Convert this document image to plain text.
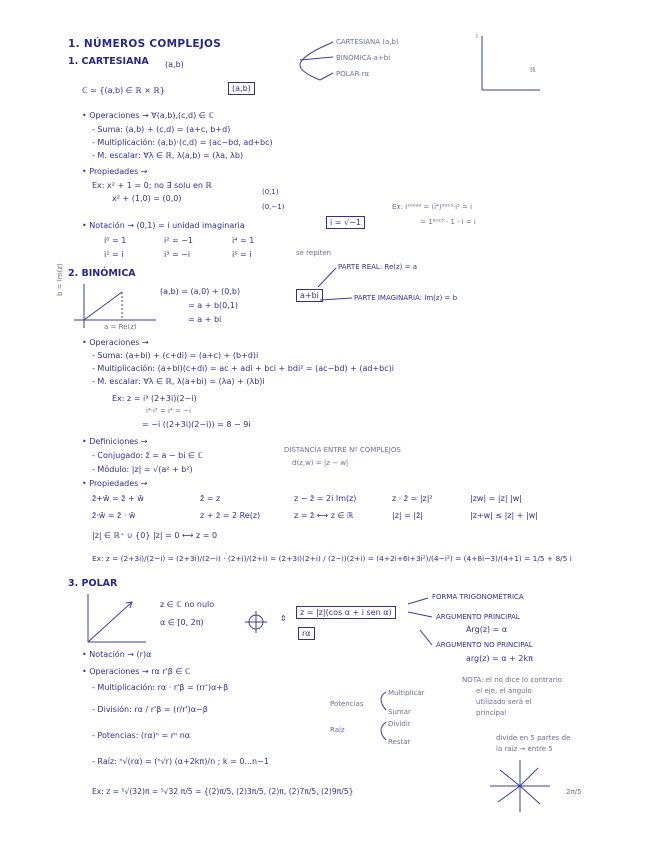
1. NÚMEROS COMPLEJOS
1. CARTESIANA (a,b)
ℂ = {(a,b) ∈ ℝ × ℝ}	(a,b)
CARTESIANA (a,b)
BINÓMICA a+bi
POLAR rα
i
ℝ
• Operaciones → ∀(a,b),(c,d) ∈ ℂ
- Suma: (a,b) + (c,d) = (a+c, b+d)
- Multiplicación: (a,b)·(c,d) = (ac−bd, ad+bc)
- M. escalar: ∀λ ∈ ℝ, λ(a,b) = (λa, λb)
• Propiedades →
Ex: x² + 1 = 0; no ∃ solu en ℝ
x² + (1,0) = (0,0)
(0,1)
(0,−1)
• Notación → (0,1) = i unidad imaginaria	i = √−1
Ex: i²⁰⁰⁹⁴ = (i⁴)⁵⁰²³·i² = i
= 1⁵⁰²³ · 1 · i = i
i⁰ = 1
i¹ = i
i² = −1
i³ = −i
i⁴ = 1
i⁵ = i	se repiten
2. BINÓMICA
b = Im(z)
a = Re(z)
(a,b) = (a,0) + (0,b)
= a + b(0,1)
= a + bi
a+bi
PARTE REAL: Re(z) = a
PARTE IMAGINARIA: Im(z) = b
• Operaciones →
- Suma: (a+bi) + (c+di) = (a+c) + (b+d)i
- Multiplicación: (a+bi)(c+di) = ac + adi + bci + bdi² = (ac−bd) + (ad+bc)i
- M. escalar: ∀λ ∈ ℝ, λ(a+bi) = (λa) + (λb)i
Ex: z = i³ (2+3i)(2−i)
i⁴·i³ = i⁴ = −i
= −i ((2+3i)(2−i)) = 8 − 9i
• Definiciones →
- Conjugado: z̄ = a − bi ∈ ℂ
- Módulo: |z| = √(a² + b²)
DISTANCIA ENTRE Nº COMPLEJOS
d(z,w) = |z − w|
• Propiedades →
z̄+w̄ = z̄ + w̄	z̄̄ = z	z − z̄ = 2i Im(z)	z · z̄ = |z|²	|zw| = |z| |w|
z̄·w̄ = z̄ · w̄	z + z̄ = 2 Re(z)	z = z̄ ⟷ z ∈ ℝ	|z| = |z̄|	|z+w| ≤ |z| + |w|
|z| ∈ ℝ⁺ ∪ {0} |z| = 0 ⟷ z = 0
Ex: z = (2+3i)/(2−i) = (2+3i)/(2−i) · (2+i)/(2+i) = (2+3i)(2+i) / (2−i)(2+i) = (4+2i+6i+3i²)/(4−i²) = (4+8i−3)/(4+1) = 1/5 + 8/5 i
3. POLAR
z ∈ ℂ no nulo
α ∈ [0, 2π)	⇕
z = |z|(cos α + i sen α)
rα
FORMA TRIGONOMÉTRICA
ARGUMENTO PRINCIPAL
Arg(z) = α
ARGUMENTO NO PRINCIPAL
arg(z) = α + 2kπ
• Notación → (r)α
• Operaciones → rα r'β ∈ ℂ
- Multiplicación: rα · r'β = (rr')α+β
- División: rα / r'β = (r/r')α−β
- Potencias: (rα)ⁿ = rⁿ nα
- Raíz: ⁿ√(rα) = (ⁿ√r) (α+2kπ)/n ; k = 0...n−1
Potencias
Multiplicar
Sumar
Raíz
Dividir
Restar
NOTA: el no dice lo contrario
el eje, el ángulo
utilizado será el
principal
divide en 5 partes de
la raíz → entre 5
Ex: z = ⁵√(32)π = ⁵√32 π/5 = {(2)π/5, (2)3π/5, (2)π, (2)7π/5, (2)9π/5}	2π/5
